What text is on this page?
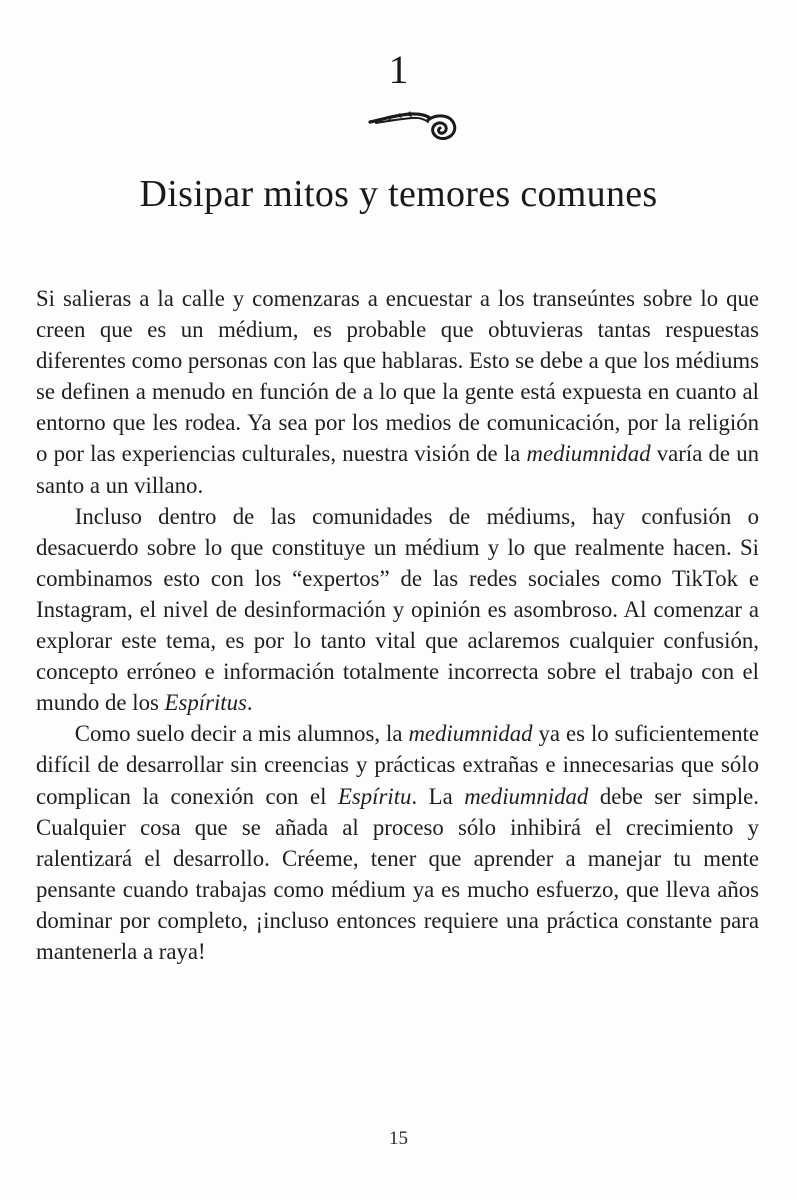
1
Disipar mitos y temores comunes

Si salieras a la calle y comenzaras a encuestar a los transeúntes sobre lo que creen que es un médium, es probable que obtuvieras tantas respuestas diferentes como personas con las que hablaras. Esto se debe a que los médiums se definen a menudo en función de a lo que la gente está expuesta en cuanto al entorno que les rodea. Ya sea por los medios de comunicación, por la religión o por las experiencias culturales, nuestra visión de la mediumnidad varía de un santo a un villano.

Incluso dentro de las comunidades de médiums, hay confusión o desacuerdo sobre lo que constituye un médium y lo que realmente hacen. Si combinamos esto con los “expertos” de las redes sociales como TikTok e Instagram, el nivel de desinformación y opinión es asombroso. Al comenzar a explorar este tema, es por lo tanto vital que aclaremos cualquier confusión, concepto erróneo e información totalmente incorrecta sobre el trabajo con el mundo de los Espíritus.

Como suelo decir a mis alumnos, la mediumnidad ya es lo suficientemente difícil de desarrollar sin creencias y prácticas extrañas e innecesarias que sólo complican la conexión con el Espíritu. La mediumnidad debe ser simple. Cualquier cosa que se añada al proceso sólo inhibirá el crecimiento y ralentizará el desarrollo. Créeme, tener que aprender a manejar tu mente pensante cuando trabajas como médium ya es mucho esfuerzo, que lleva años dominar por completo, ¡incluso entonces requiere una práctica constante para mantenerla a raya!

15
